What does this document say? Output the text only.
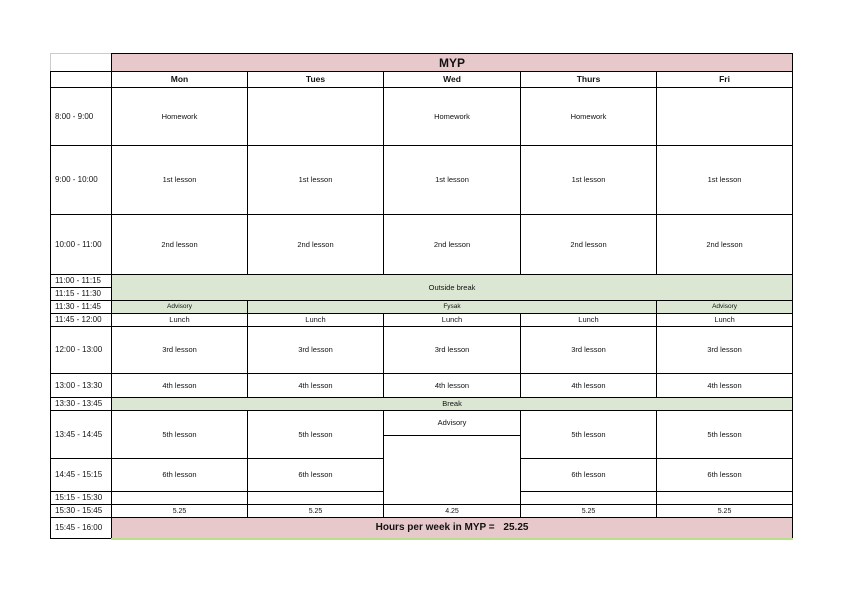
	MYP				
	Mon	Tues	Wed	Thurs	Fri
8:00 - 9:00	Homework		Homework	Homework	
9:00 - 10:00	1st lesson	1st lesson	1st lesson	1st lesson	1st lesson
10:00 - 11:00	2nd lesson	2nd lesson	2nd lesson	2nd lesson	2nd lesson
11:00 - 11:15	Outside break				
11:15 - 11:30					
11:30 - 11:45	Advisory	Fysak			Advisory
11:45 - 12:00	Lunch	Lunch	Lunch	Lunch	Lunch
12:00 - 13:00	3rd lesson	3rd lesson	3rd lesson	3rd lesson	3rd lesson
13:00 - 13:30	4th lesson	4th lesson	4th lesson	4th lesson	4th lesson
13:30 - 13:45	Break				
13:45 - 14:45	5th lesson	5th lesson	Advisory	5th lesson	5th lesson
14:45 - 15:15	6th lesson	6th lesson		6th lesson	6th lesson
15:15 - 15:30					
15:30 - 15:45	5.25	5.25	4.25	5.25	5.25
15:45 - 16:00	Hours per week in MYP = 25.25				
